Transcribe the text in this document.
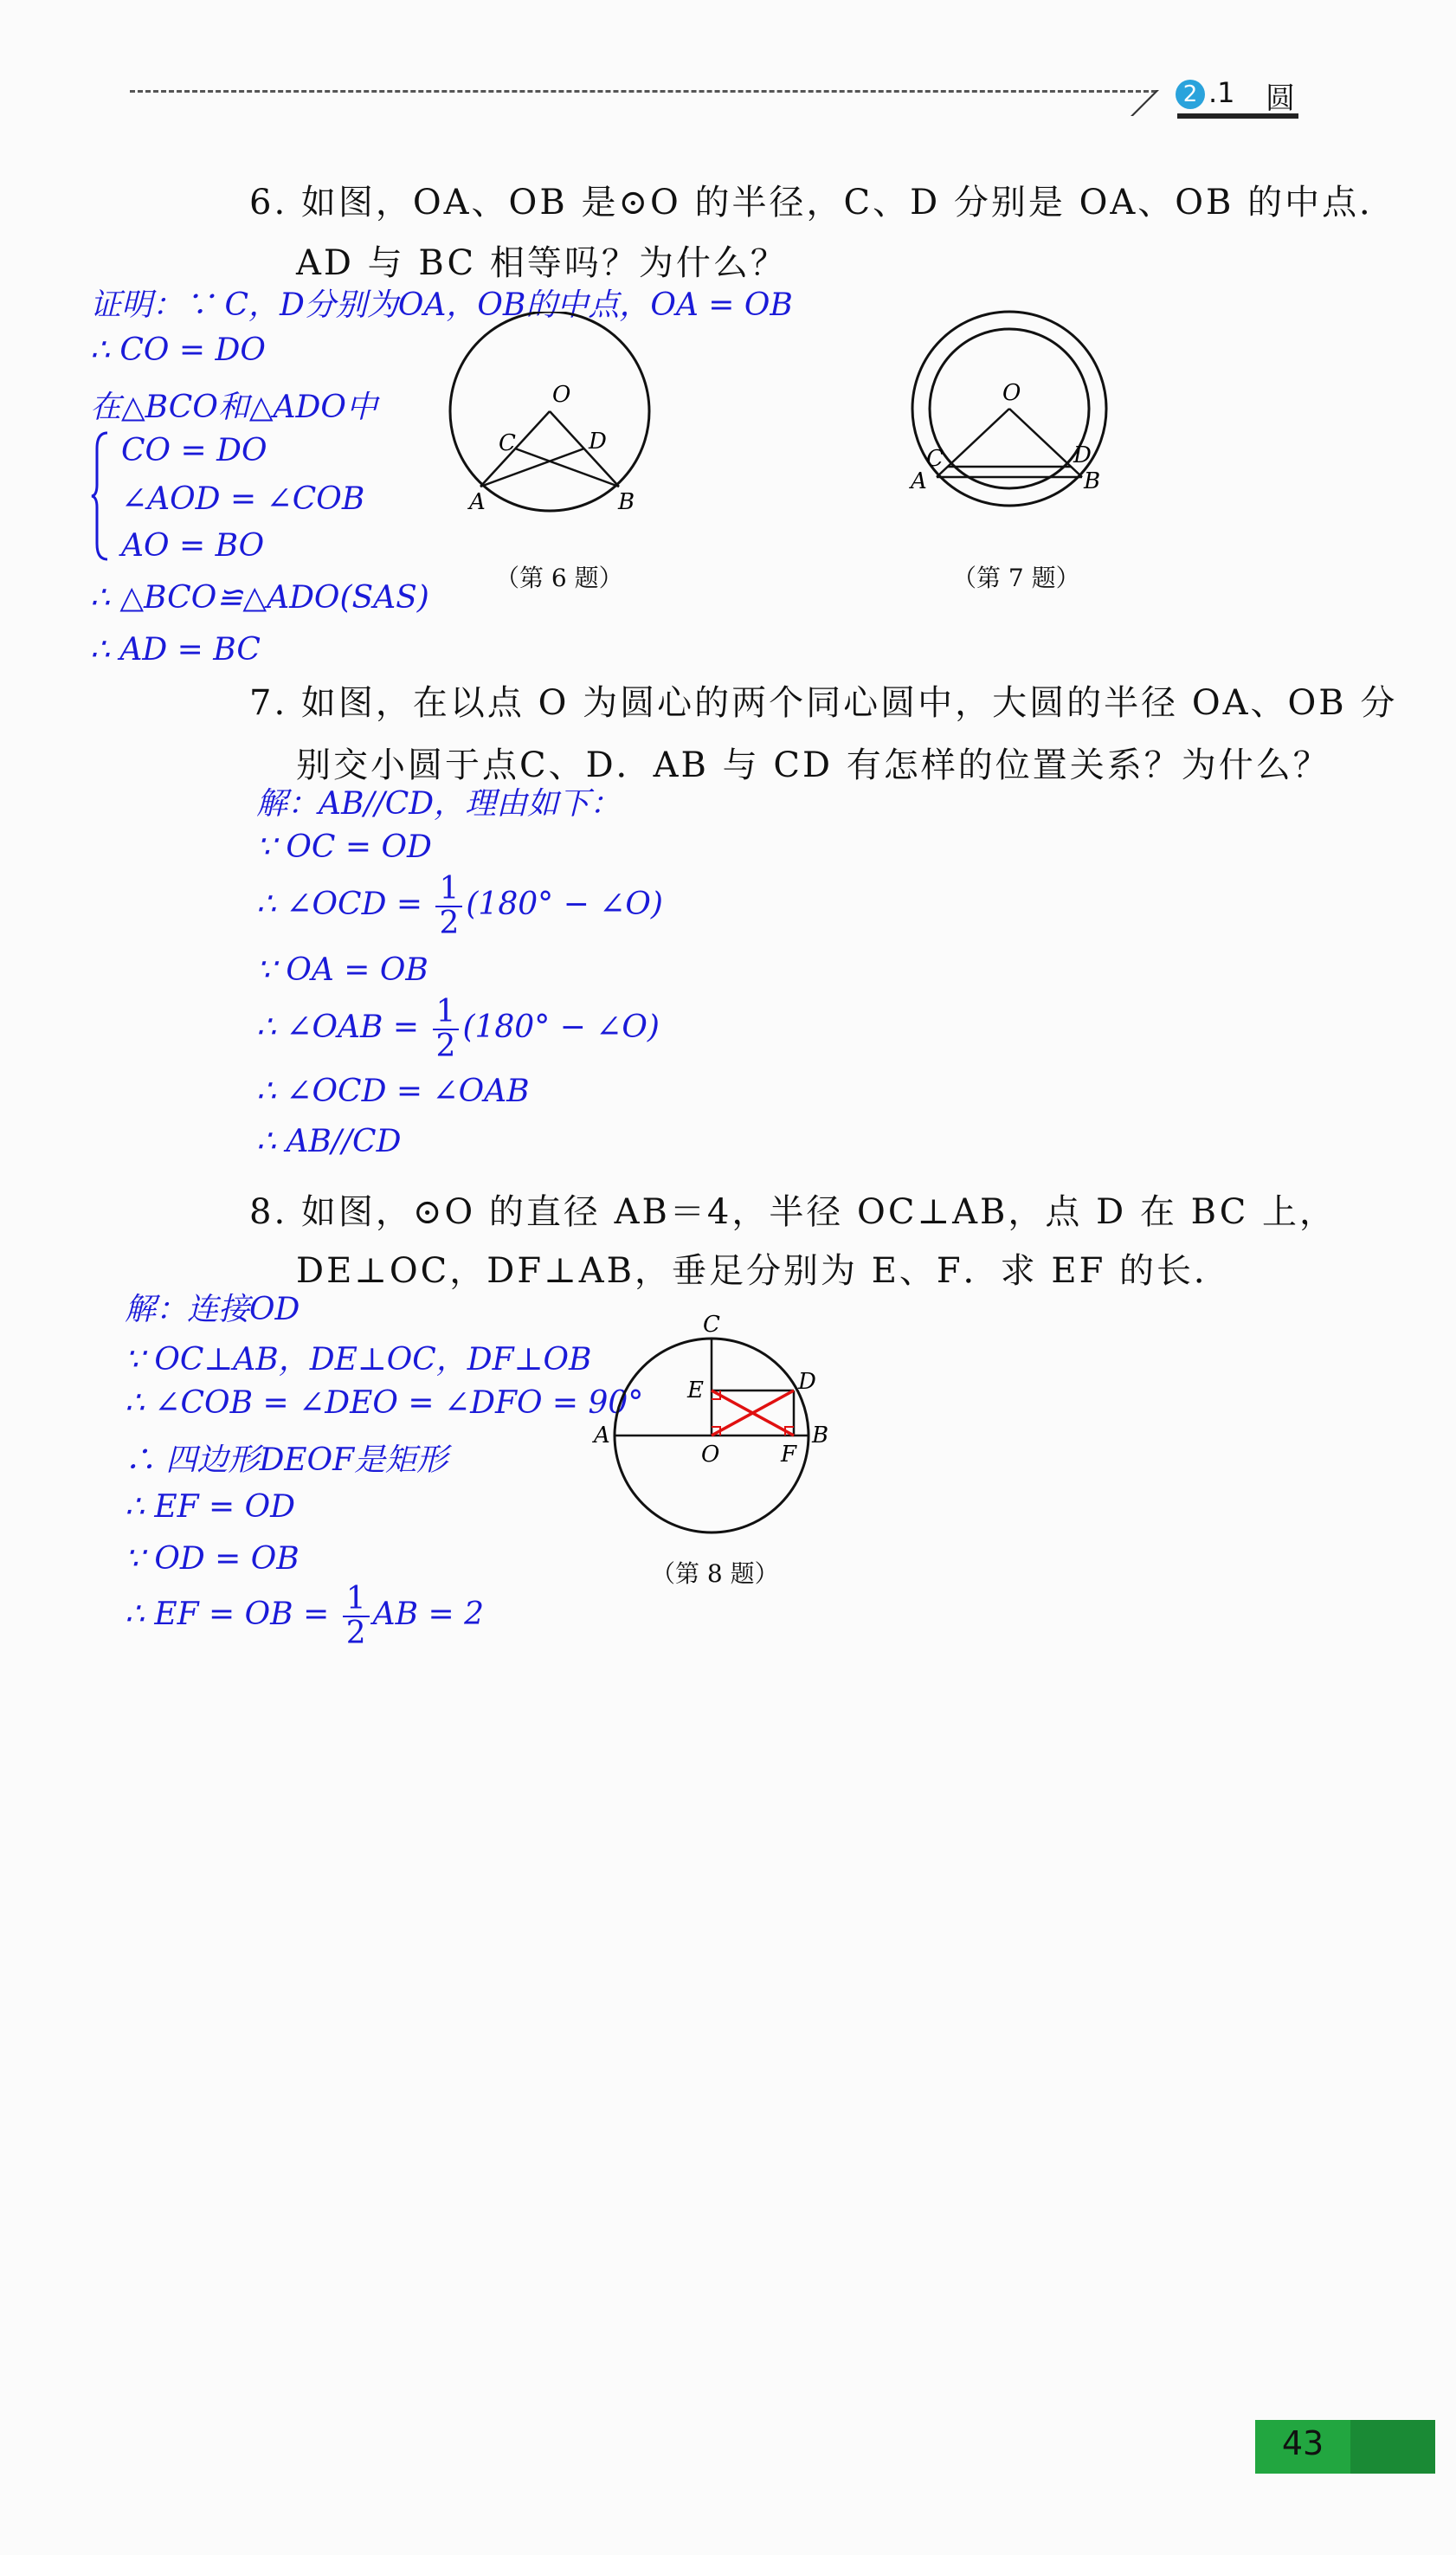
2 .1 圆
6. 如图，OA、OB 是⊙O 的半径，C、D 分别是 OA、OB 的中点．
AD 与 BC 相等吗？为什么？
证明：∵ C，D分别为OA，OB的中点，OA = OB
∴ CO = DO
在△BCO和△ADO中
CO = DO
∠AOD = ∠COB
AO = BO
∴ △BCO≌△ADO(SAS)
∴ AD = BC
O
C	D
A	B
（第 6 题）
O
C	D
A	B
（第 7 题）
7. 如图，在以点 O 为圆心的两个同心圆中，大圆的半径 OA、OB 分
别交小圆于点C、D．AB 与 CD 有怎样的位置关系？为什么？
解：AB//CD，理由如下：
∵ OC = OD
∴ ∠OCD = $\frac{1}{2} (180^\circ$ − ∠O)
∵ OA = OB
∴ ∠OAB = $\frac{1}{2} (180^\circ$ − ∠O)
∴ ∠OCD = ∠OAB
∴ AB//CD
8. 如图，⊙O 的直径 AB＝4，半径 OC⊥AB，点 D 在 BC 上，
DE⊥OC，DF⊥AB，垂足分别为 E、F．求 EF 的长．
解：连接OD
∵ OC⊥AB，DE⊥OC，DF⊥OB
∴ ∠COB = ∠DEO = ∠DFO = 90°
∴ 四边形DEOF是矩形
∴ EF = OD
∵ OD = OB
∴ EF = OB = $\frac{1}{2}$ AB = 2
C
D
E
A
O	F
B
（第 8 题）
43
